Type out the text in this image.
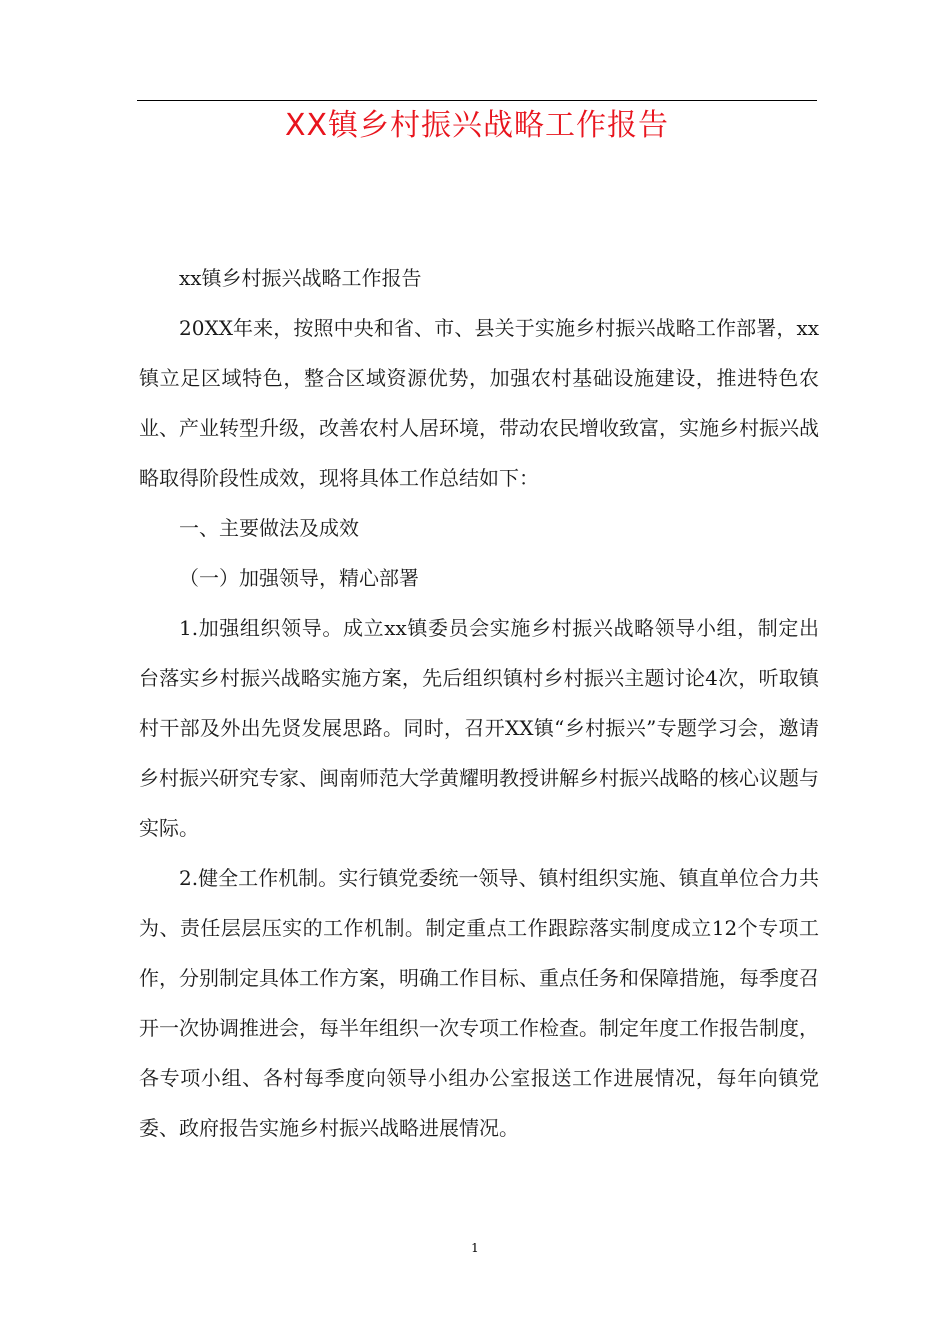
XX镇乡村振兴战略工作报告

xx镇乡村振兴战略工作报告

20XX年来，按照中央和省、市、县关于实施乡村振兴战略工作部署，xx镇立足区域特色，整合区域资源优势，加强农村基础设施建设，推进特色农业、产业转型升级，改善农村人居环境，带动农民增收致富，实施乡村振兴战略取得阶段性成效，现将具体工作总结如下：

一、主要做法及成效

（一）加强领导，精心部署

1.加强组织领导。成立xx镇委员会实施乡村振兴战略领导小组，制定出台落实乡村振兴战略实施方案，先后组织镇村乡村振兴主题讨论4次，听取镇村干部及外出先贤发展思路。同时，召开XX镇“乡村振兴”专题学习会，邀请乡村振兴研究专家、闽南师范大学黄耀明教授讲解乡村振兴战略的核心议题与实际。

2.健全工作机制。实行镇党委统一领导、镇村组织实施、镇直单位合力共为、责任层层压实的工作机制。制定重点工作跟踪落实制度成立12个专项工作，分别制定具体工作方案，明确工作目标、重点任务和保障措施，每季度召开一次协调推进会，每半年组织一次专项工作检查。制定年度工作报告制度，各专项小组、各村每季度向领导小组办公室报送工作进展情况，每年向镇党委、政府报告实施乡村振兴战略进展情况。

1
